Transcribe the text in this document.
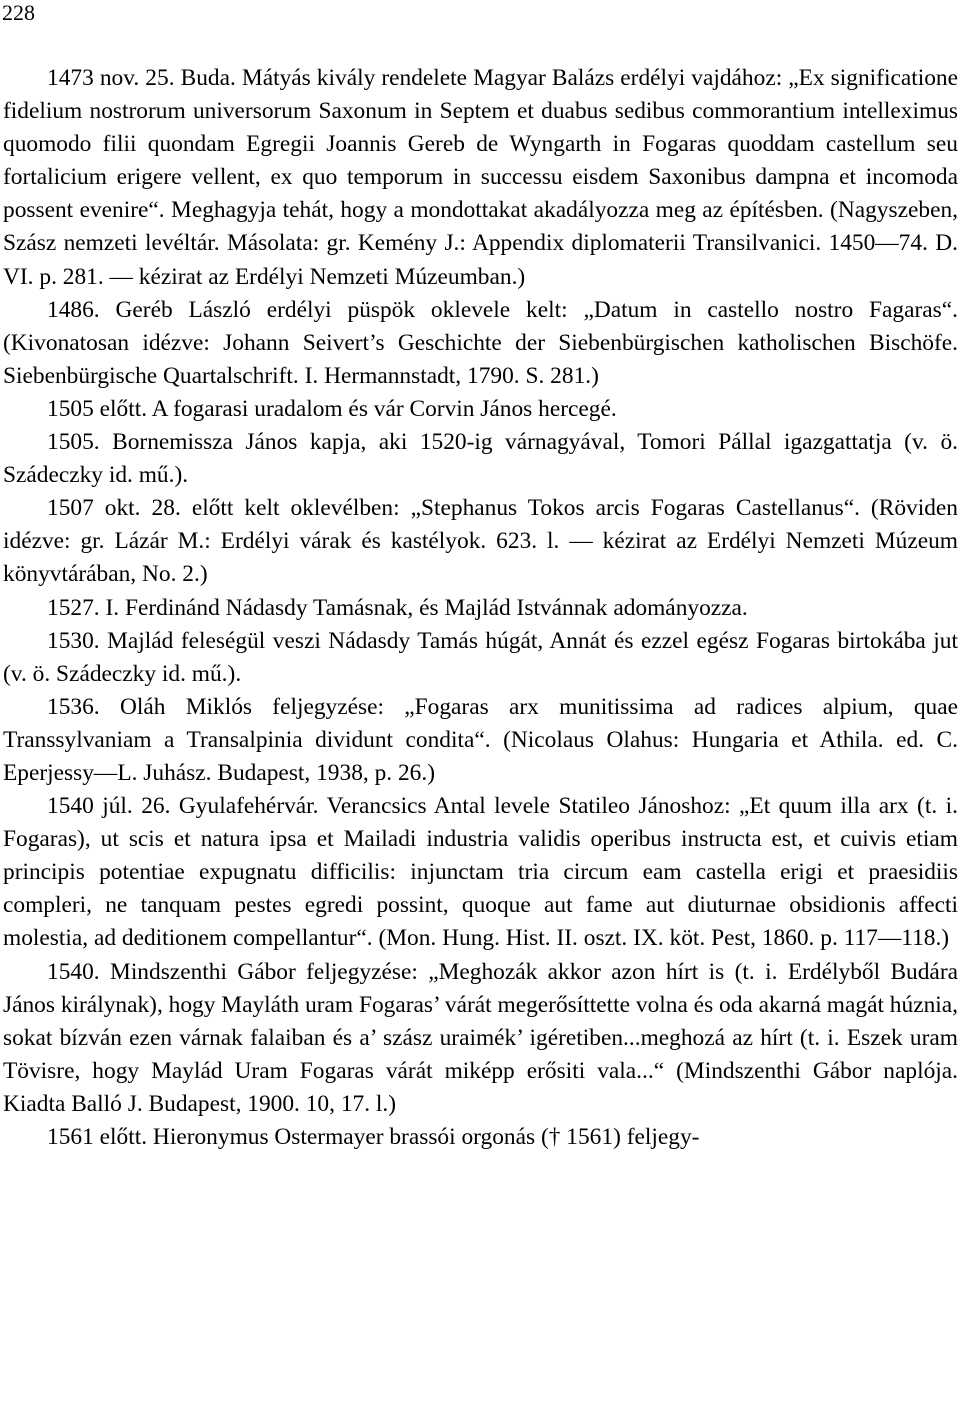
228

1473 nov. 25. Buda. Mátyás kivály rendelete Magyar Balázs erdélyi vajdához: „Ex significatione fidelium nostrorum universorum Saxonum in Septem et duabus sedibus commorantium intelleximus quomodo filii quondam Egregii Joannis Gereb de Wyngarth in Fogaras quoddam castellum seu fortalicium erigere vellent, ex quo temporum in successu eisdem Saxonibus dampna et incomoda possent evenire“. Meghagyja tehát, hogy a mondottakat akadályozza meg az építésben. (Nagyszeben, Szász nemzeti levéltár. Másolata: gr. Kemény J.: Appendix diplomaterii Transilvanici. 1450—74. D. VI. p. 281. — kézirat az Erdélyi Nemzeti Múzeumban.)

1486. Geréb László erdélyi püspök oklevele kelt: „Datum in castello nostro Fagaras“. (Kivonatosan idézve: Johann Seivert’s Geschichte der Siebenbürgischen katholischen Bischöfe. Siebenbürgische Quartalschrift. I. Hermannstadt, 1790. S. 281.)

1505 előtt. A fogarasi uradalom és vár Corvin János hercegé.

1505. Bornemissza János kapja, aki 1520-ig várnagyával, Tomori Pállal igazgattatja (v. ö. Szádeczky id. mű.).

1507 okt. 28. előtt kelt oklevélben: „Stephanus Tokos arcis Fogaras Castellanus“. (Röviden idézve: gr. Lázár M.: Erdélyi várak és kastélyok. 623. l. — kézirat az Erdélyi Nemzeti Múzeum könyvtárában, No. 2.)

1527. I. Ferdinánd Nádasdy Tamásnak, és Majlád Istvánnak adományozza.

1530. Majlád feleségül veszi Nádasdy Tamás húgát, Annát és ezzel egész Fogaras birtokába jut (v. ö. Szádeczky id. mű.).

1536. Oláh Miklós feljegyzése: „Fogaras arx munitissima ad radices alpium, quae Transsylvaniam a Transalpinia dividunt condita“. (Nicolaus Olahus: Hungaria et Athila. ed. C. Eperjessy—L. Juhász. Budapest, 1938, p. 26.)

1540 júl. 26. Gyulafehérvár. Verancsics Antal levele Statileo Jánoshoz: „Et quum illa arx (t. i. Fogaras), ut scis et natura ipsa et Mailadi industria validis operibus instructa est, et cuivis etiam principis potentiae expugnatu difficilis: injunctam tria circum eam castella erigi et praesidiis compleri, ne tanquam pestes egredi possint, quoque aut fame aut diuturnae obsidionis affecti molestia, ad deditionem compellantur“. (Mon. Hung. Hist. II. oszt. IX. köt. Pest, 1860. p. 117—118.)

1540. Mindszenthi Gábor feljegyzése: „Meghozák akkor azon hírt is (t. i. Erdélyből Budára János királynak), hogy Mayláth uram Fogaras’ várát megerősíttette volna és oda akarná magát húznia, sokat bízván ezen várnak falaiban és a’ szász uraimék’ igéretiben...meghozá az hírt (t. i. Eszek uram Tövisre, hogy Maylád Uram Fogaras várát miképp erősiti vala...“ (Mindszenthi Gábor naplója. Kiadta Balló J. Budapest, 1900. 10, 17. l.)

1561 előtt. Hieronymus Ostermayer brassói orgonás († 1561) feljegy-
